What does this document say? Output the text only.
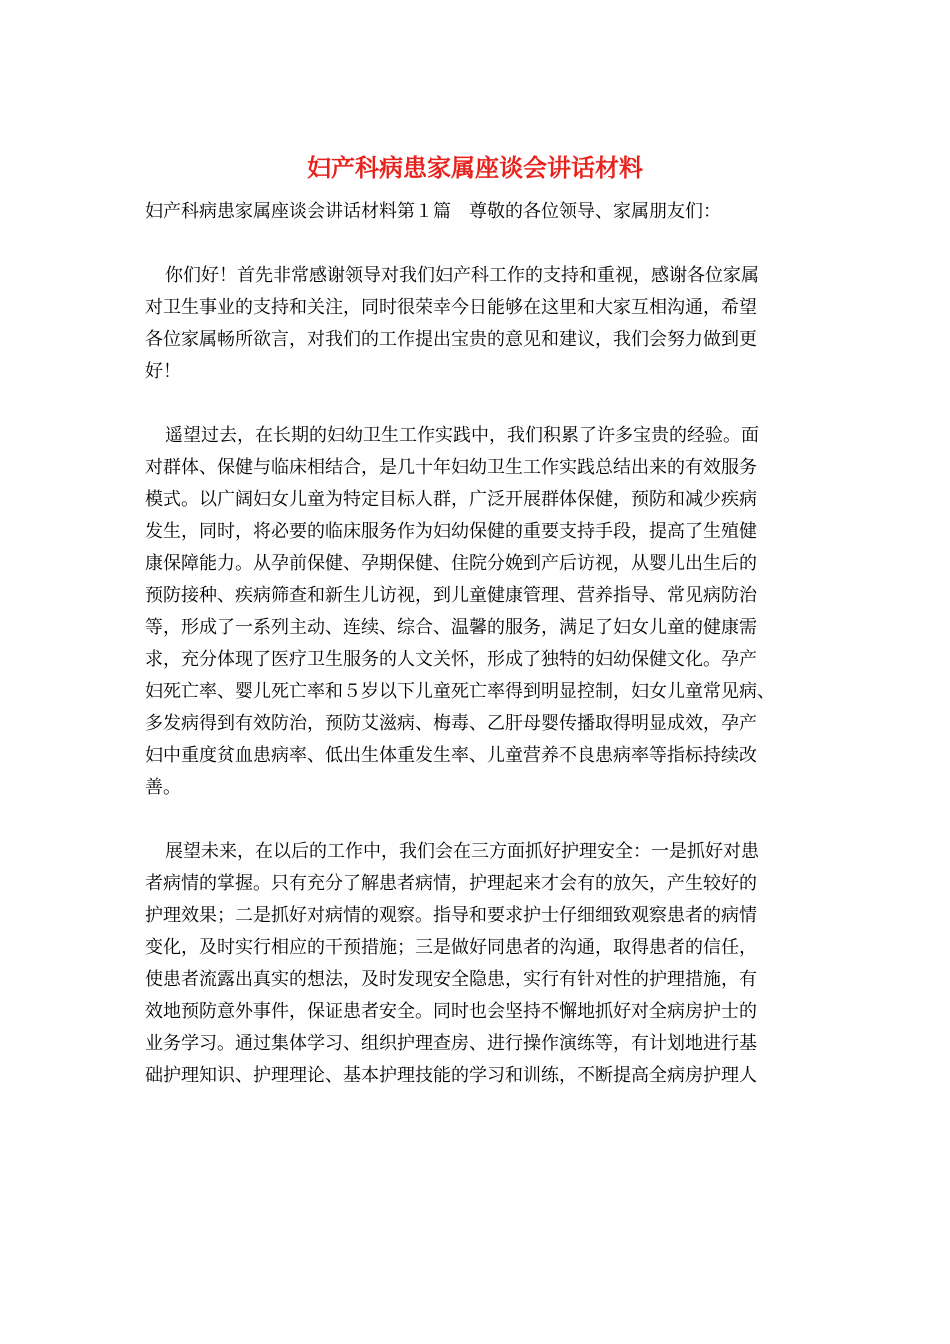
妇产科病患家属座谈会讲话材料
妇产科病患家属座谈会讲话材料第１篇　尊敬的各位领导、家属朋友们：
你们好！首先非常感谢领导对我们妇产科工作的支持和重视，感谢各位家属
对卫生事业的支持和关注，同时很荣幸今日能够在这里和大家互相沟通，希望
各位家属畅所欲言，对我们的工作提出宝贵的意见和建议，我们会努力做到更
好！
遥望过去，在长期的妇幼卫生工作实践中，我们积累了许多宝贵的经验。面
对群体、保健与临床相结合，是几十年妇幼卫生工作实践总结出来的有效服务
模式。以广阔妇女儿童为特定目标人群，广泛开展群体保健，预防和减少疾病
发生，同时，将必要的临床服务作为妇幼保健的重要支持手段，提高了生殖健
康保障能力。从孕前保健、孕期保健、住院分娩到产后访视，从婴儿出生后的
预防接种、疾病筛查和新生儿访视，到儿童健康管理、营养指导、常见病防治
等，形成了一系列主动、连续、综合、温馨的服务，满足了妇女儿童的健康需
求，充分体现了医疗卫生服务的人文关怀，形成了独特的妇幼保健文化。孕产
妇死亡率、婴儿死亡率和５岁以下儿童死亡率得到明显控制，妇女儿童常见病、
多发病得到有效防治，预防艾滋病、梅毒、乙肝母婴传播取得明显成效，孕产
妇中重度贫血患病率、低出生体重发生率、儿童营养不良患病率等指标持续改
善。
展望未来，在以后的工作中，我们会在三方面抓好护理安全：一是抓好对患
者病情的掌握。只有充分了解患者病情，护理起来才会有的放矢，产生较好的
护理效果；二是抓好对病情的观察。指导和要求护士仔细细致观察患者的病情
变化，及时实行相应的干预措施；三是做好同患者的沟通，取得患者的信任，
使患者流露出真实的想法，及时发现安全隐患，实行有针对性的护理措施，有
效地预防意外事件，保证患者安全。同时也会坚持不懈地抓好对全病房护士的
业务学习。通过集体学习、组织护理查房、进行操作演练等，有计划地进行基
础护理知识、护理理论、基本护理技能的学习和训练，不断提高全病房护理人
